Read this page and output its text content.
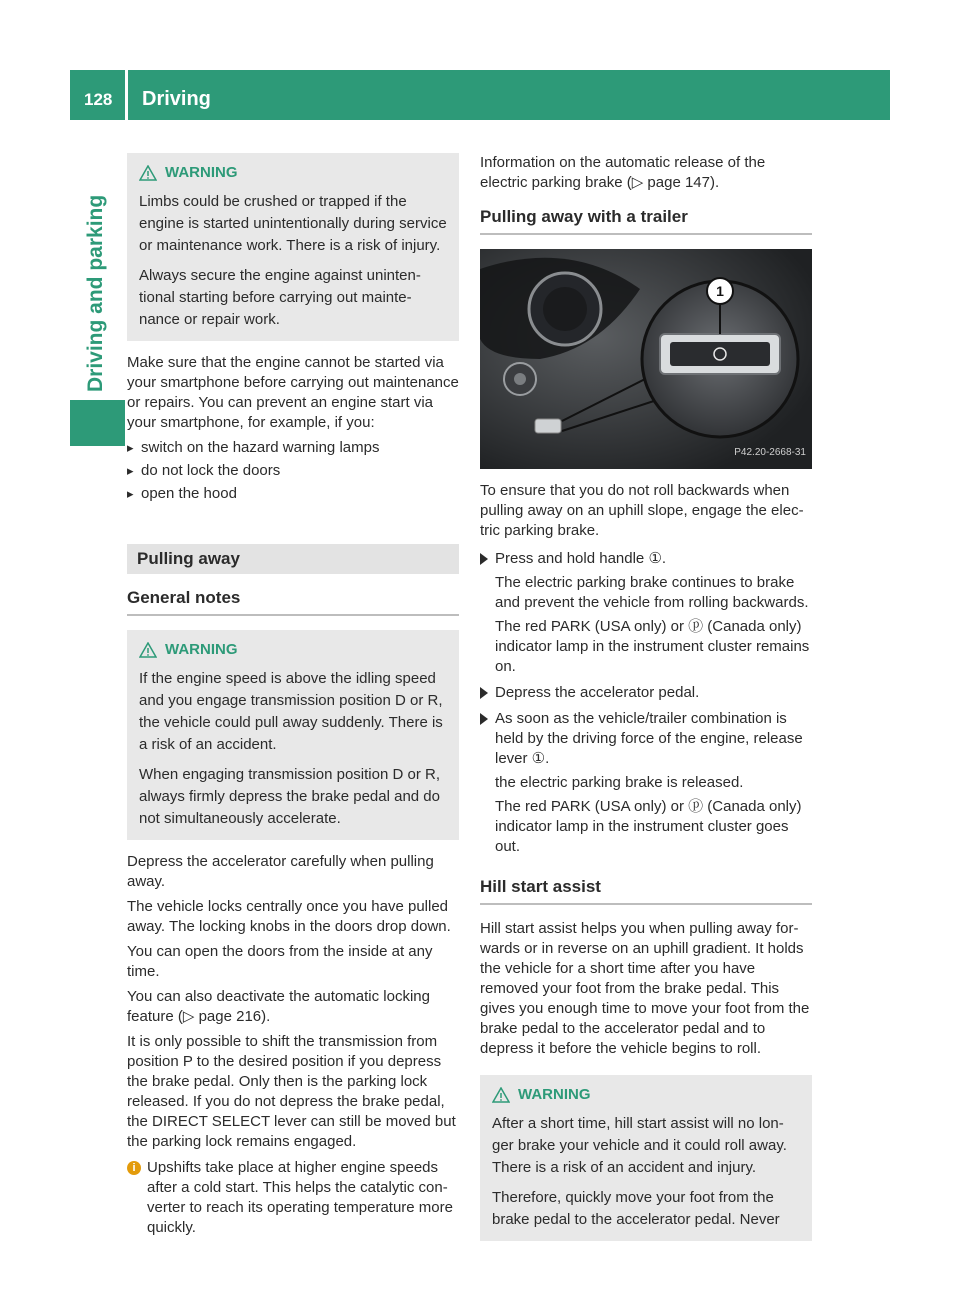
128 Driving
Driving and parking
WARNING

Limbs could be crushed or trapped if the engine is started unintentionally during service or maintenance work. There is a risk of injury.

Always secure the engine against unintentional starting before carrying out maintenance or repair work.

Make sure that the engine cannot be started via your smartphone before carrying out maintenance or repairs. You can prevent an engine start via your smartphone, for example, if you:

▸ switch on the hazard warning lamps
▸ do not lock the doors
▸ open the hood
Pulling away
General notes
WARNING

If the engine speed is above the idling speed and you engage transmission position D or R, the vehicle could pull away suddenly. There is a risk of an accident.

When engaging transmission position D or R, always firmly depress the brake pedal and do not simultaneously accelerate.

Depress the accelerator carefully when pulling away.

The vehicle locks centrally once you have pulled away. The locking knobs in the doors drop down.

You can open the doors from the inside at any time.

You can also deactivate the automatic locking feature (▷ page 216).

It is only possible to shift the transmission from position P to the desired position if you depress the brake pedal. Only then is the parking lock released. If you do not depress the brake pedal, the DIRECT SELECT lever can still be moved but the parking lock remains engaged.

i Upshifts take place at higher engine speeds after a cold start. This helps the catalytic converter to reach its operating temperature more quickly.

Information on the automatic release of the electric parking brake (▷ page 147).

Pulling away with a trailer
1
P42.20-2668-31

To ensure that you do not roll backwards when pulling away on an uphill slope, engage the electric parking brake.

Press and hold handle ①.

The electric parking brake continues to brake and prevent the vehicle from rolling backwards.

The red PARK (USA only) or ⓟ (Canada only) indicator lamp in the instrument cluster remains on.

Depress the accelerator pedal.

As soon as the vehicle/trailer combination is held by the driving force of the engine, release lever ①.

the electric parking brake is released.

The red PARK (USA only) or ⓟ (Canada only) indicator lamp in the instrument cluster goes out.

Hill start assist

Hill start assist helps you when pulling away forwards or in reverse on an uphill gradient. It holds the vehicle for a short time after you have removed your foot from the brake pedal. This gives you enough time to move your foot from the brake pedal to the accelerator pedal and to depress it before the vehicle begins to roll.

WARNING

After a short time, hill start assist will no longer brake your vehicle and it could roll away. There is a risk of an accident and injury.

Therefore, quickly move your foot from the brake pedal to the accelerator pedal. Never
